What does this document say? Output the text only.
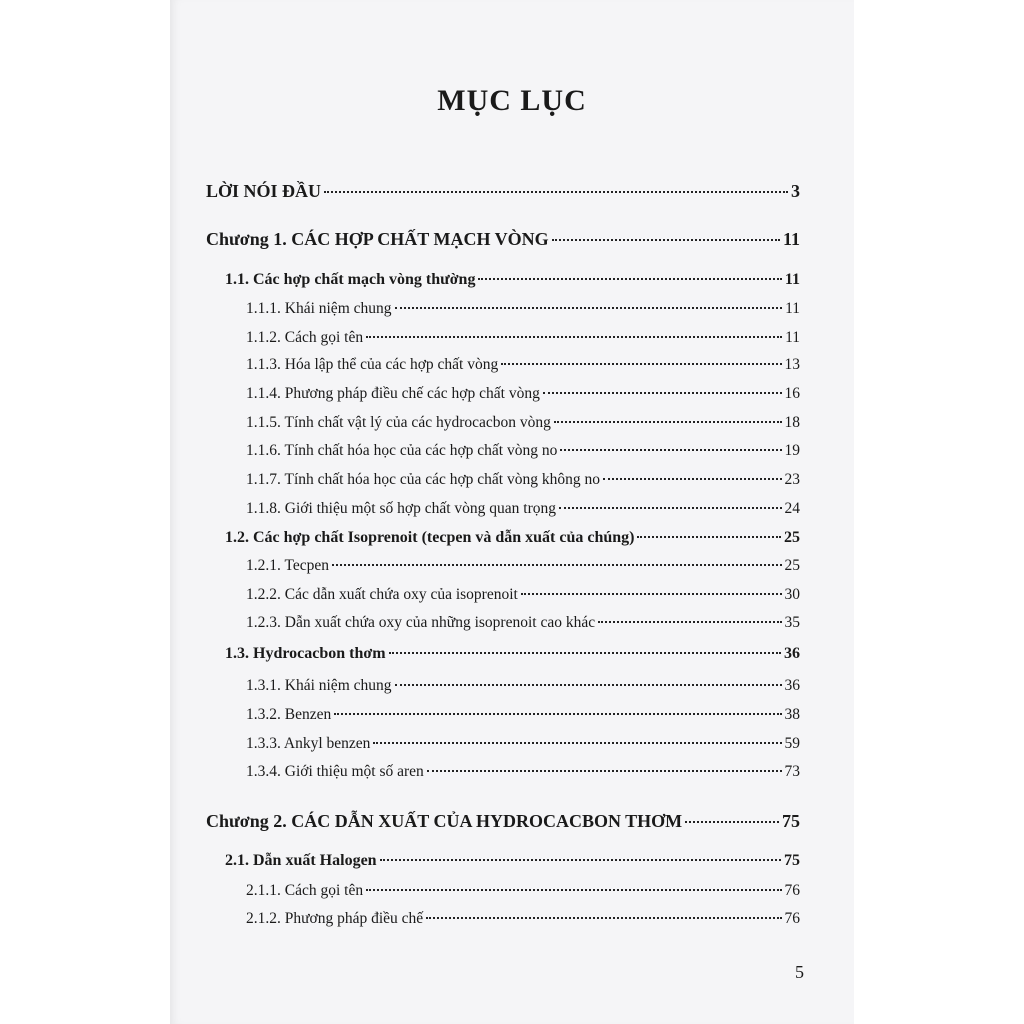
MỤC LỤC
LỜI NÓI ĐẦU	3
Chương 1. CÁC HỢP CHẤT MẠCH VÒNG	11
1.1. Các hợp chất mạch vòng thường	11
1.1.1. Khái niệm chung	11
1.1.2. Cách gọi tên	11
1.1.3. Hóa lập thể của các hợp chất vòng	13
1.1.4. Phương pháp điều chế các hợp chất vòng	16
1.1.5. Tính chất vật lý của các hydrocacbon vòng	18
1.1.6. Tính chất hóa học của các hợp chất vòng no	19
1.1.7. Tính chất hóa học của các hợp chất vòng không no	23
1.1.8. Giới thiệu một số hợp chất vòng quan trọng	24
1.2. Các hợp chất Isoprenoit (tecpen và dẫn xuất của chúng)	25
1.2.1. Tecpen	25
1.2.2. Các dẫn xuất chứa oxy của isoprenoit	30
1.2.3. Dẫn xuất chứa oxy của những isoprenoit cao khác	35
1.3. Hydrocacbon thơm	36
1.3.1. Khái niệm chung	36
1.3.2. Benzen	38
1.3.3. Ankyl benzen	59
1.3.4. Giới thiệu một số aren	73
Chương 2. CÁC DẪN XUẤT CỦA HYDROCACBON THƠM	75
2.1. Dẫn xuất Halogen	75
2.1.1. Cách gọi tên	76
2.1.2. Phương pháp điều chế	76
5
